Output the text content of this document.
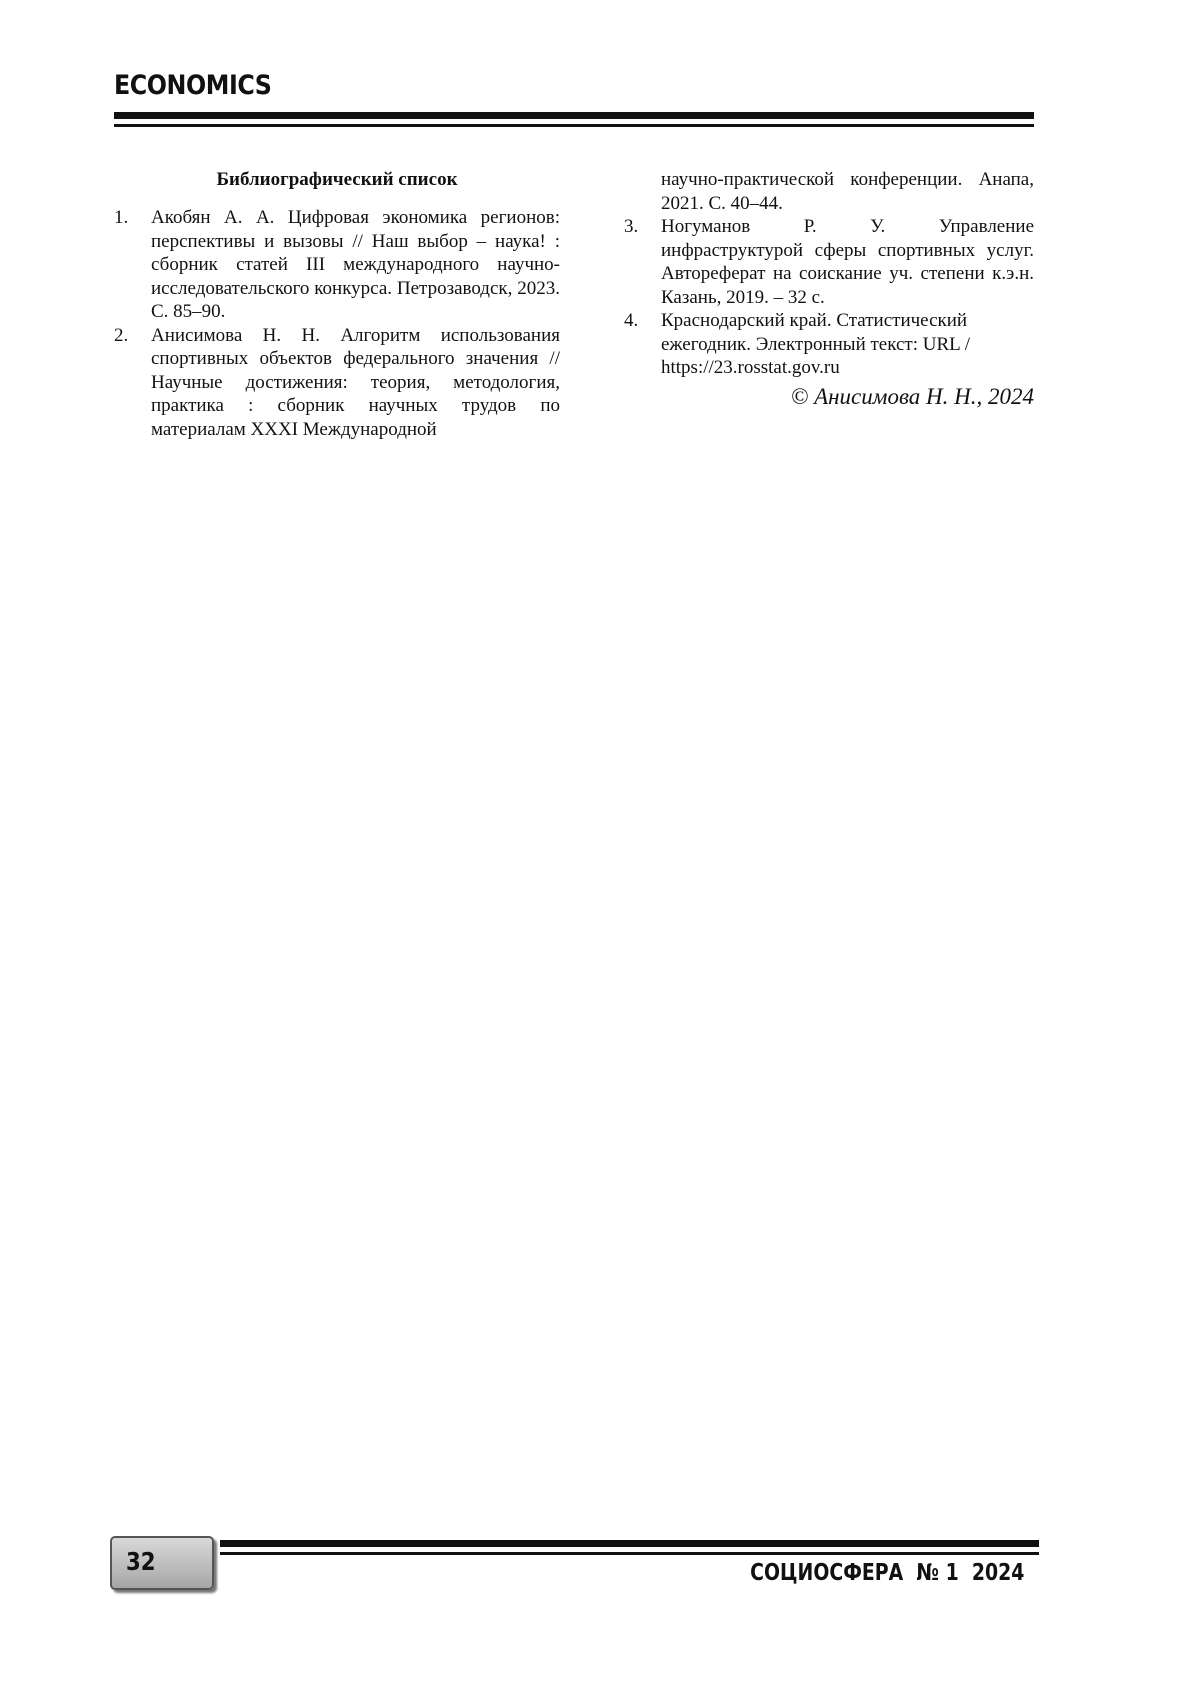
ECONOMICS
Библиографический список
1. Акобян А. А. Цифровая экономика регионов: перспективы и вызовы // Наш выбор – наука! : сборник статей III международного научно-исследовательского конкурса. Петрозаводск, 2023. С. 85–90.
2. Анисимова Н. Н. Алгоритм использования спортивных объектов федерального значения // Научные достижения: теория, методология, практика : сборник научных трудов по материалам XXXI Международной
научно-практической конференции. Анапа, 2021. С. 40–44.
3. Ногуманов Р. У. Управление инфраструктурой сферы спортивных услуг. Автореферат на соискание уч. степени к.э.н. Казань, 2019. – 32 с.
4. Краснодарский край. Статистический ежегодник. Электронный текст: URL / https://23.rosstat.gov.ru
© Анисимова Н. Н., 2024
32	СОЦИОСФЕРА  № 1  2024
